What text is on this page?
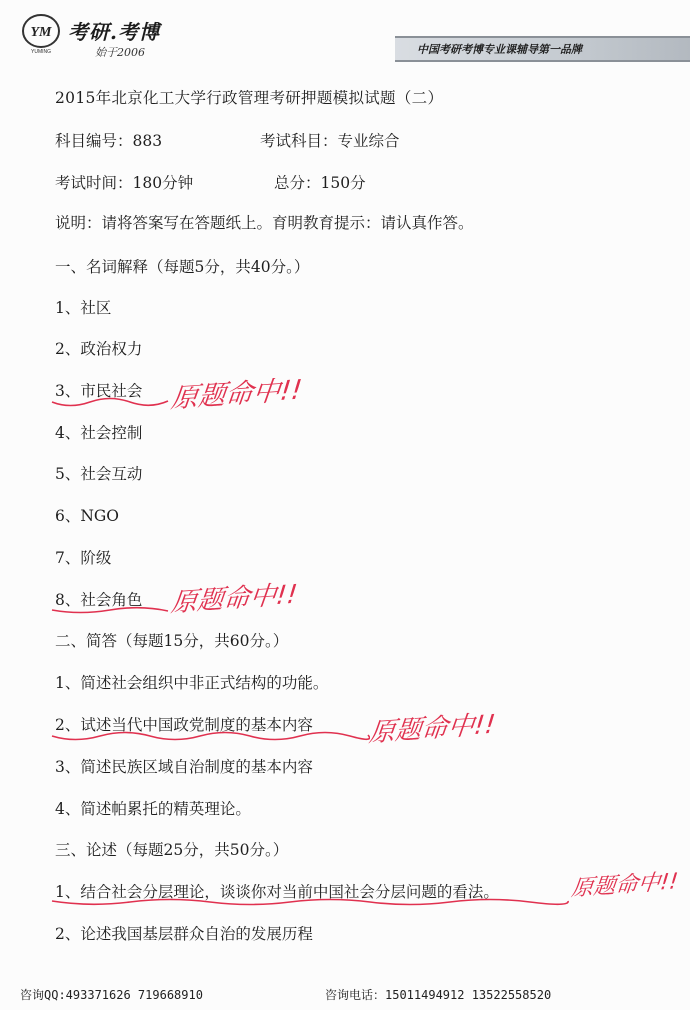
YM
YUMING
考研.考博
始于2006	中国考研考博专业课辅导第一品牌
2015年北京化工大学行政管理考研押题模拟试题（二）
科目编号：883	考试科目：专业综合
考试时间：180分钟	总分：150分
说明：请将答案写在答题纸上。育明教育提示：请认真作答。
一、名词解释（每题5分，共40分。）
1、社区
2、政治权力
3、市民社会
4、社会控制
5、社会互动
6、NGO
7、阶级
8、社会角色
二、简答（每题15分，共60分。）
1、简述社会组织中非正式结构的功能。
2、试述当代中国政党制度的基本内容
3、简述民族区域自治制度的基本内容
4、简述帕累托的精英理论。
三、论述（每题25分，共50分。）
1、结合社会分层理论，谈谈你对当前中国社会分层问题的看法。
2、论述我国基层群众自治的发展历程
原题命中!!
原题命中!!
原题命中!!
原题命中!!
咨询QQ:493371626 719668910	咨询电话：15011494912 13522558520
